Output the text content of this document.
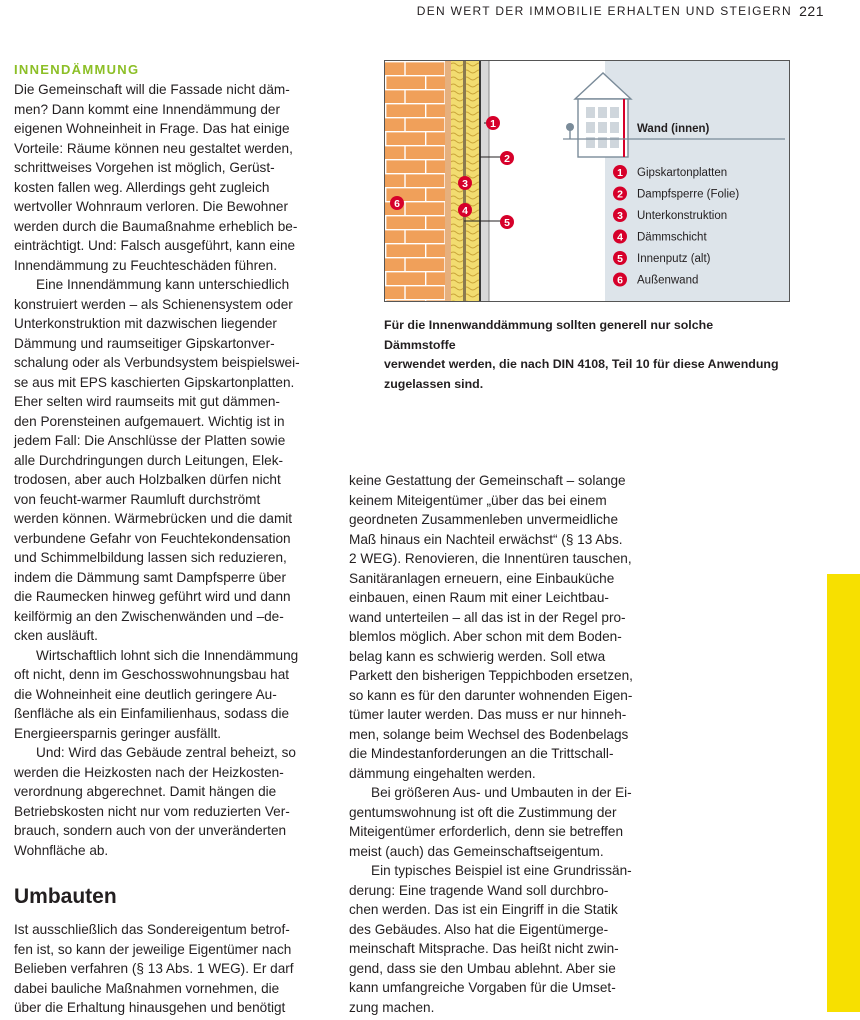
DEN WERT DER IMMOBILIE ERHALTEN UND STEIGERN 221
INNENDÄMMUNG

Die Gemeinschaft will die Fassade nicht däm-
men? Dann kommt eine Innendämmung der
eigenen Wohneinheit in Frage. Das hat einige
Vorteile: Räume können neu gestaltet werden,
schrittweises Vorgehen ist möglich, Gerüst-
kosten fallen weg. Allerdings geht zugleich
wertvoller Wohnraum verloren. Die Bewohner
werden durch die Baumaßnahme erheblich be-
einträchtigt. Und: Falsch ausgeführt, kann eine
Innendämmung zu Feuchteschäden führen.

Eine Innendämmung kann unterschiedlich
konstruiert werden – als Schienensystem oder
Unterkonstruktion mit dazwischen liegender
Dämmung und raumseitiger Gipskartonver-
schalung oder als Verbundsystem beispielswei-
se aus mit EPS kaschierten Gipskartonplatten.
Eher selten wird raumseits mit gut dämmen-
den Porensteinen aufgemauert. Wichtig ist in
jedem Fall: Die Anschlüsse der Platten sowie
alle Durchdringungen durch Leitungen, Elek-
trodosen, aber auch Holzbalken dürfen nicht
von feucht-warmer Raumluft durchströmt
werden können. Wärmebrücken und die damit
verbundene Gefahr von Feuchtekondensation
und Schimmelbildung lassen sich reduzieren,
indem die Dämmung samt Dampfsperre über
die Raumecken hinweg geführt wird und dann
keilförmig an den Zwischenwänden und –de-
cken ausläuft.

Wirtschaftlich lohnt sich die Innendämmung
oft nicht, denn im Geschosswohnungsbau hat
die Wohneinheit eine deutlich geringere Au-
ßenfläche als ein Einfamilienhaus, sodass die
Energieersparnis geringer ausfällt.

Und: Wird das Gebäude zentral beheizt, so
werden die Heizkosten nach der Heizkosten-
verordnung abgerechnet. Damit hängen die
Betriebskosten nicht nur vom reduzierten Ver-
brauch, sondern auch von der unveränderten
Wohnfläche ab.

Umbauten

Ist ausschließlich das Sondereigentum betrof-
fen ist, so kann der jeweilige Eigentümer nach
Belieben verfahren (§ 13 Abs. 1 WEG). Er darf
dabei bauliche Maßnahmen vornehmen, die
über die Erhaltung hinausgehen und benötigt

keine Gestattung der Gemeinschaft – solange
keinem Miteigentümer „über das bei einem
geordneten Zusammenleben unvermeidliche
Maß hinaus ein Nachteil erwächst“ (§ 13 Abs.
2 WEG). Renovieren, die Innentüren tauschen,
Sanitäranlagen erneuern, eine Einbauküche
einbauen, einen Raum mit einer Leichtbau-
wand unterteilen – all das ist in der Regel pro-
blemlos möglich. Aber schon mit dem Boden-
belag kann es schwierig werden. Soll etwa
Parkett den bisherigen Teppichboden ersetzen,
so kann es für den darunter wohnenden Eigen-
tümer lauter werden. Das muss er nur hinneh-
men, solange beim Wechsel des Bodenbelags
die Mindestanforderungen an die Trittschall-
dämmung eingehalten werden.

Bei größeren Aus- und Umbauten in der Ei-
gentumswohnung ist oft die Zustimmung der
Miteigentümer erforderlich, denn sie betreffen
meist (auch) das Gemeinschaftseigentum.

Ein typisches Beispiel ist eine Grundrissän-
derung: Eine tragende Wand soll durchbro-
chen werden. Das ist ein Eingriff in die Statik
des Gebäudes. Also hat die Eigentümerge-
meinschaft Mitsprache. Das heißt nicht zwin-
gend, dass sie den Umbau ablehnt. Aber sie
kann umfangreiche Vorgaben für die Umset-
zung machen.

Wand (innen)
1
2
3
4
5
6
1 Gipskartonplatten
2 Dampfsperre (Folie)
3 Unterkonstruktion
4 Dämmschicht
5 Innenputz (alt)
6 Außenwand

Für die Innenwanddämmung sollten generell nur solche Dämmstoffe
verwendet werden, die nach DIN 4108, Teil 10 für diese Anwendung
zugelassen sind.
